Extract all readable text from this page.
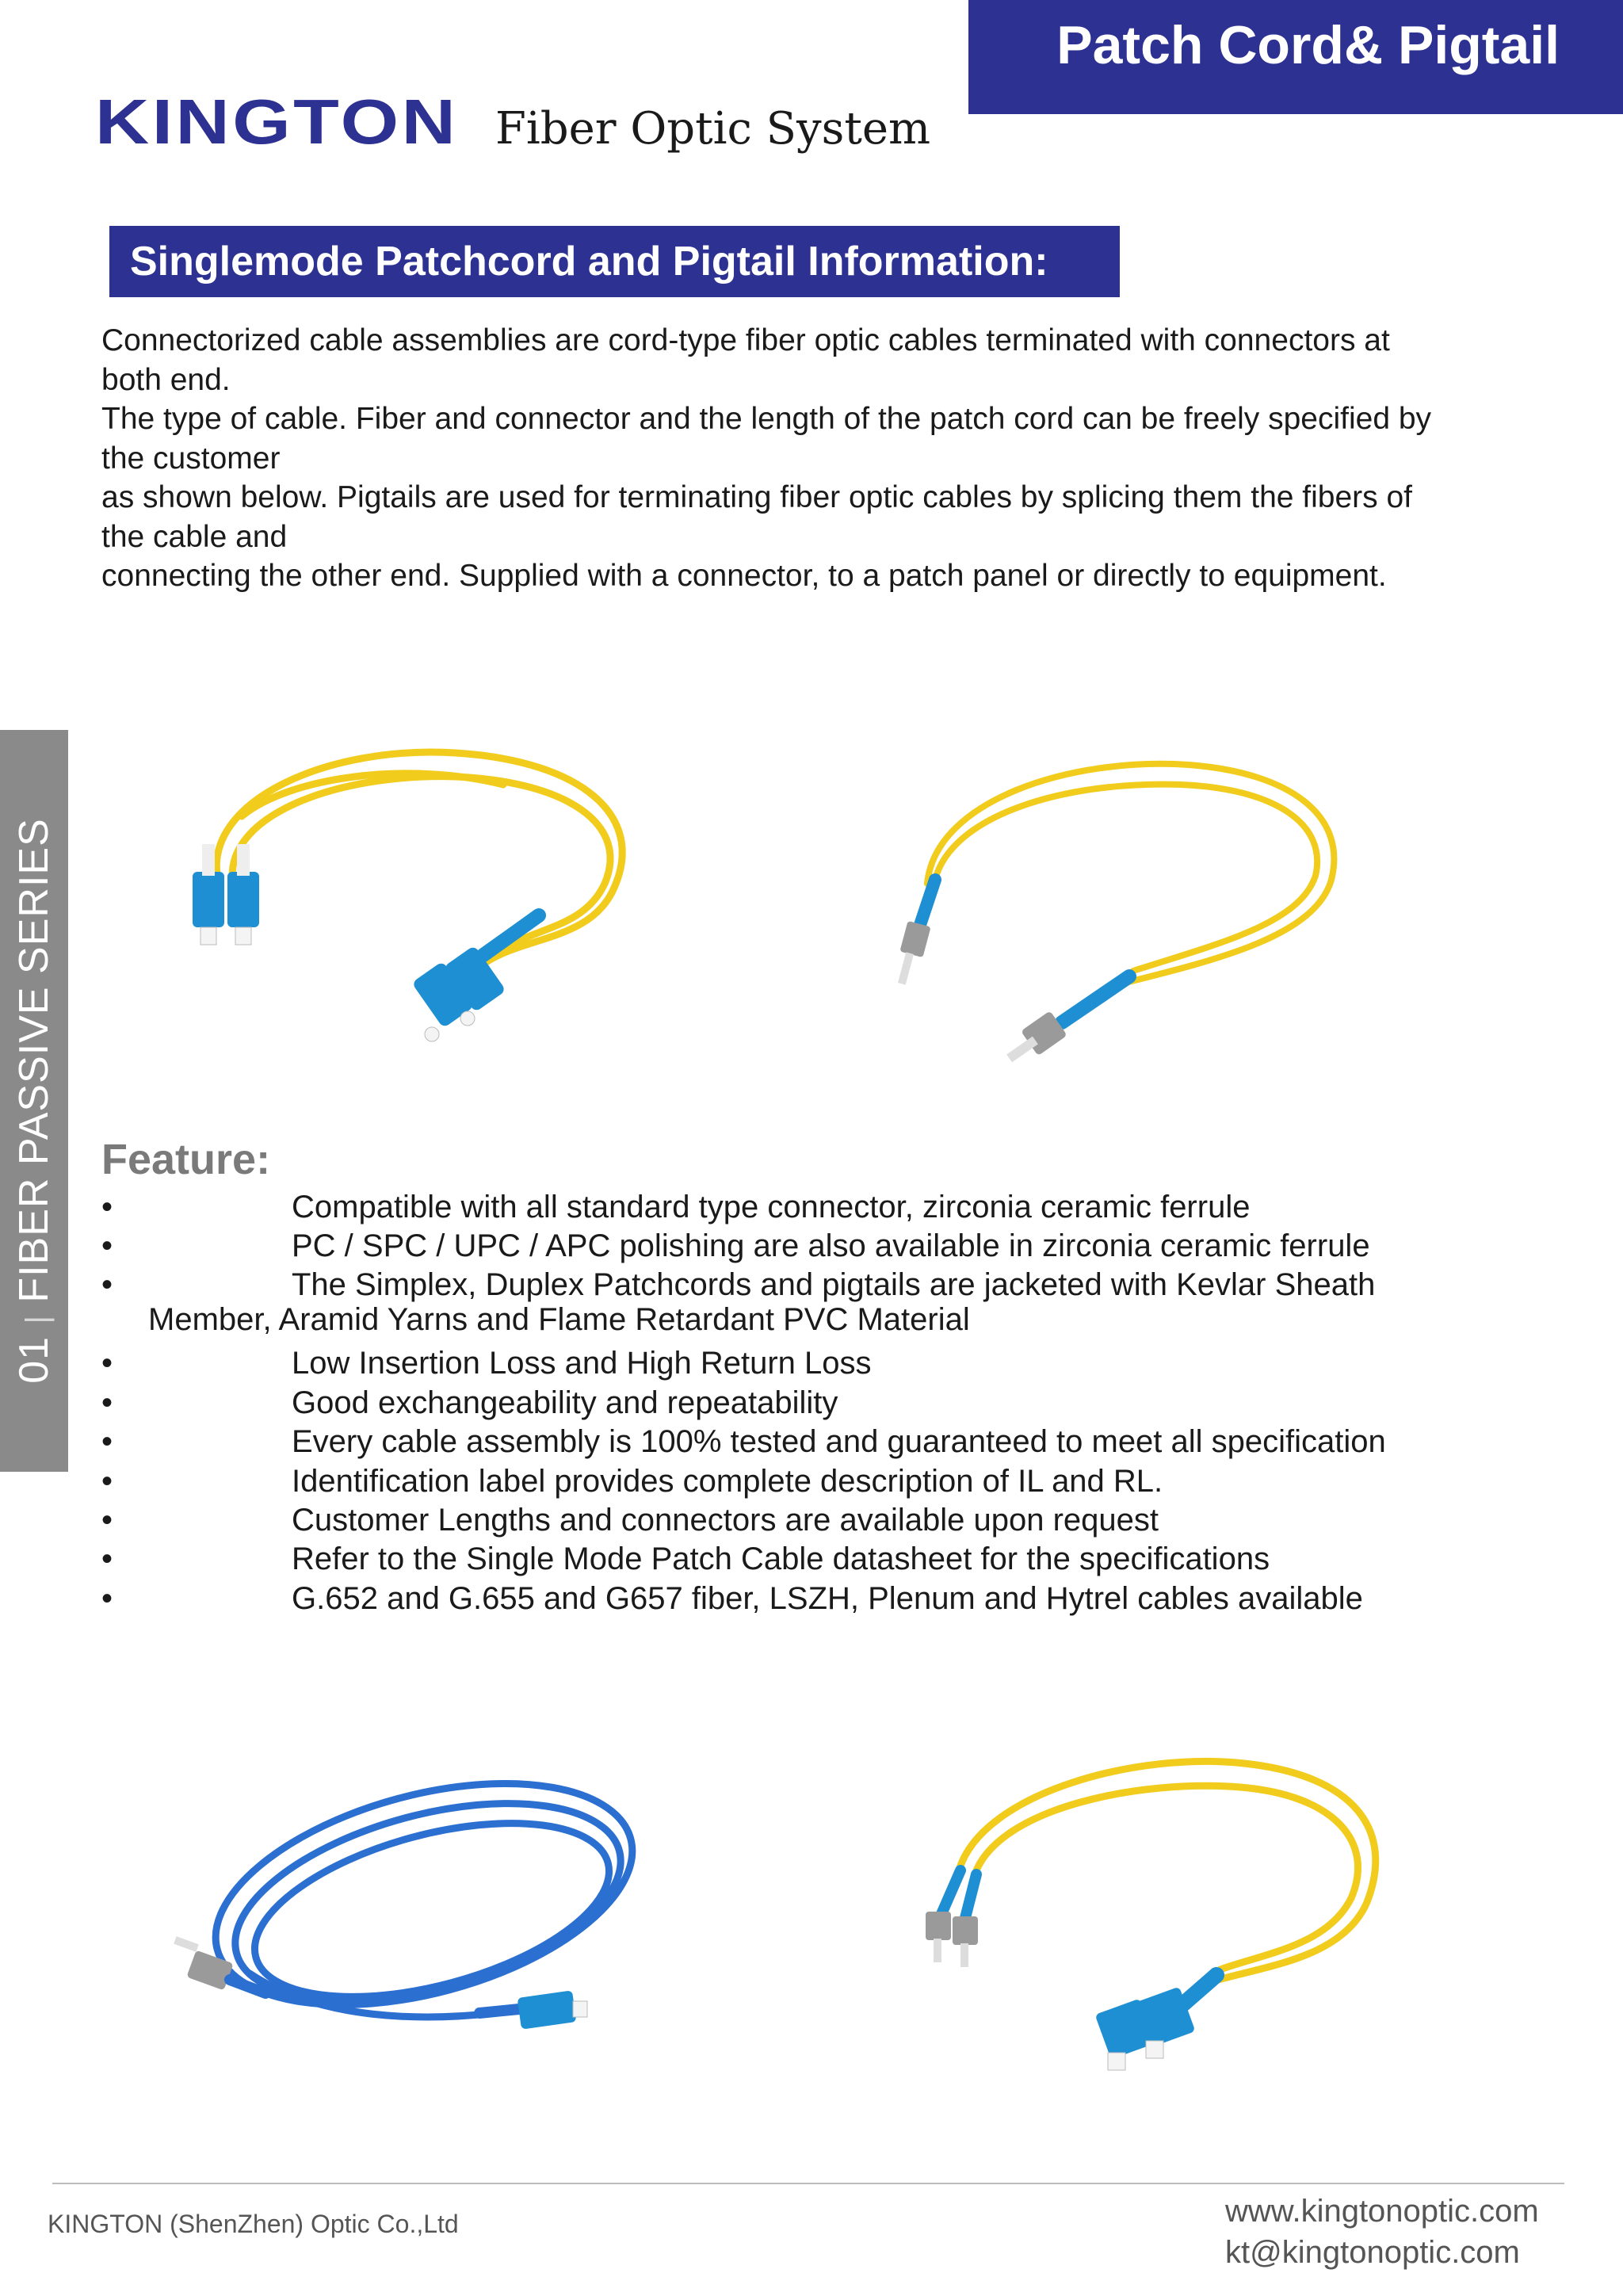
Patch Cord& Pigtail
KINGTON Fiber Optic System
Singlemode Patchcord and Pigtail Information:
Connectorized cable assemblies are cord-type fiber optic cables terminated with connectors at
both end.
The type of cable. Fiber and connector and the length of the patch cord can be freely specified by
the customer
as shown below. Pigtails are used for terminating fiber optic cables by splicing them the fibers of
the cable and
connecting the other end. Supplied with a connector, to a patch panel or directly to equipment.
01 | FIBER PASSIVE SERIES Feature:
•	Compatible with all standard type connector, zirconia ceramic ferrule
•	PC / SPC / UPC / APC polishing are also available in zirconia ceramic ferrule
•	The Simplex, Duplex Patchcords and pigtails are jacketed with Kevlar Sheath
Member, Aramid Yarns and Flame Retardant PVC Material
•	Low Insertion Loss and High Return Loss
•	Good exchangeability and repeatability
•	Every cable assembly is 100% tested and guaranteed to meet all specification
•	Identification label provides complete description of IL and RL.
•	Customer Lengths and connectors are available upon request
•	Refer to the Single Mode Patch Cable datasheet for the specifications
•	G.652 and G.655 and G657 fiber, LSZH, Plenum and Hytrel cables available
KINGTON (ShenZhen) Optic Co.,Ltd	www.kingtonoptic.com
kt@kingtonoptic.com
